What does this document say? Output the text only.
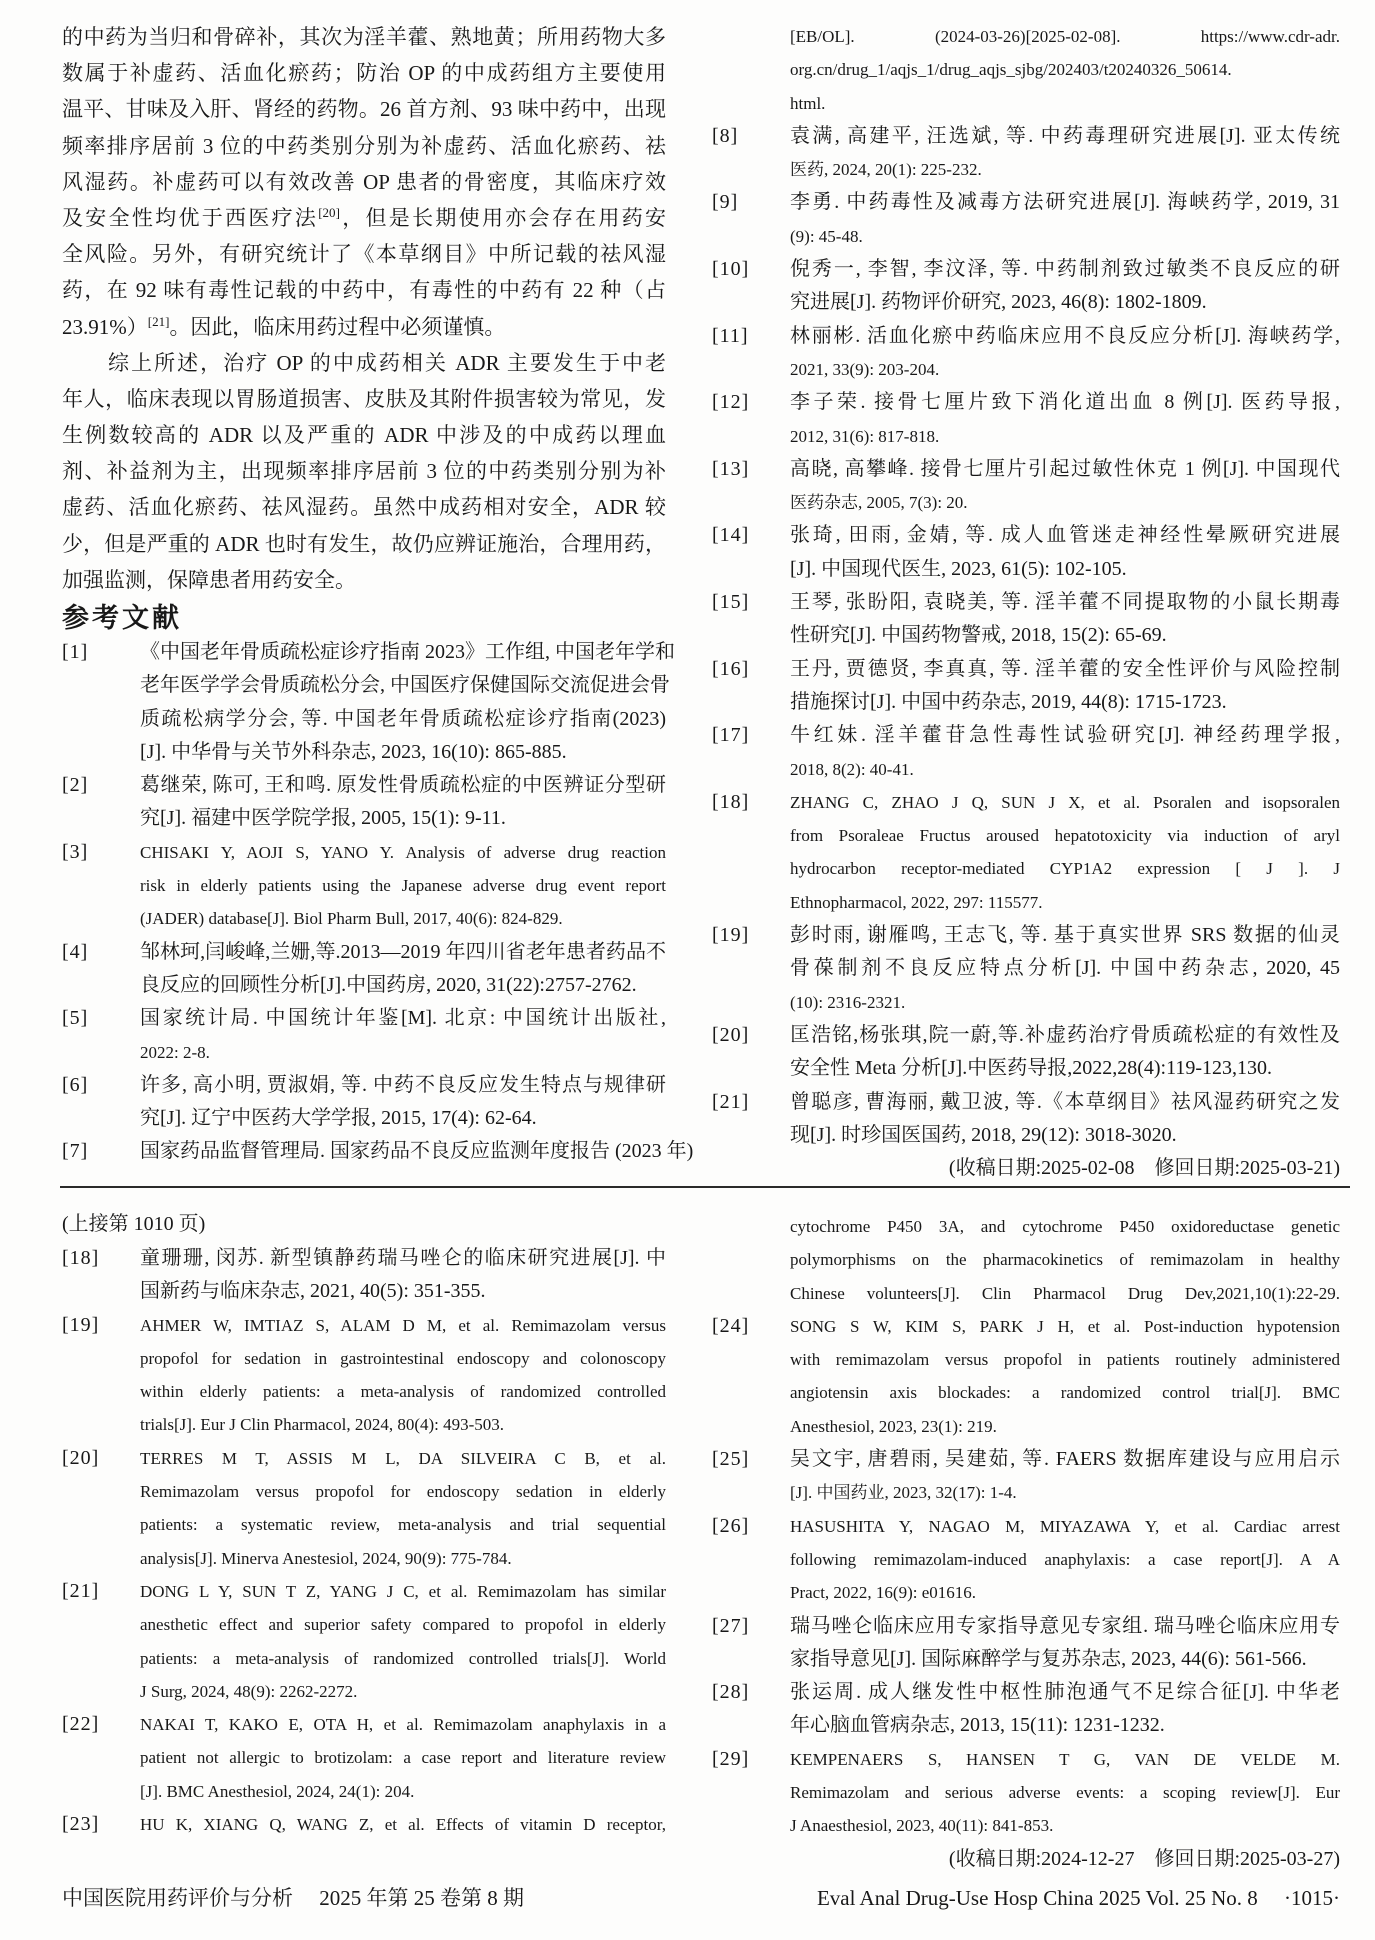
的中药为当归和骨碎补，其次为淫羊藿、熟地黄；所用药物大多
数属于补虚药、活血化瘀药；防治 OP 的中成药组方主要使用
温平、甘味及入肝、肾经的药物。26 首方剂、93 味中药中，出现
频率排序居前 3 位的中药类别分别为补虚药、活血化瘀药、祛
风湿药。补虚药可以有效改善 OP 患者的骨密度，其临床疗效
及安全性均优于西医疗法[20]，但是长期使用亦会存在用药安
全风险。另外，有研究统计了《本草纲目》中所记载的祛风湿
药，在 92 味有毒性记载的中药中，有毒性的中药有 22 种（占
23.91%）[21]。因此，临床用药过程中必须谨慎。
　　综上所述，治疗 OP 的中成药相关 ADR 主要发生于中老
年人，临床表现以胃肠道损害、皮肤及其附件损害较为常见，发
生例数较高的 ADR 以及严重的 ADR 中涉及的中成药以理血
剂、补益剂为主，出现频率排序居前 3 位的中药类别分别为补
虚药、活血化瘀药、祛风湿药。虽然中成药相对安全，ADR 较
少，但是严重的 ADR 也时有发生，故仍应辨证施治，合理用药，
加强监测，保障患者用药安全。
参考文献
[1]	《中国老年骨质疏松症诊疗指南 2023》工作组, 中国老年学和
老年医学学会骨质疏松分会, 中国医疗保健国际交流促进会骨
质疏松病学分会, 等. 中国老年骨质疏松症诊疗指南(2023)
[J]. 中华骨与关节外科杂志, 2023, 16(10): 865-885.
[2]	葛继荣, 陈可, 王和鸣. 原发性骨质疏松症的中医辨证分型研
究[J]. 福建中医学院学报, 2005, 15(1): 9-11.
[3]	CHISAKI Y, AOJI S, YANO Y. Analysis of adverse drug reaction
risk in elderly patients using the Japanese adverse drug event report
(JADER) database[J]. Biol Pharm Bull, 2017, 40(6): 824-829.
[4]	邹林珂,闫峻峰,兰姗,等.2013—2019 年四川省老年患者药品不
良反应的回顾性分析[J].中国药房, 2020, 31(22):2757-2762.
[5]	国家统计局. 中国统计年鉴[M]. 北京: 中国统计出版社,
2022: 2-8.
[6]	许多, 高小明, 贾淑娟, 等. 中药不良反应发生特点与规律研
究[J]. 辽宁中医药大学学报, 2015, 17(4): 62-64.
[7]	国家药品监督管理局. 国家药品不良反应监测年度报告 (2023 年)
[EB/OL]. (2024-03-26)[2025-02-08]. https://www.cdr-adr.
org.cn/drug_1/aqjs_1/drug_aqjs_sjbg/202403/t20240326_50614.
html.
[8]	袁满, 高建平, 汪选斌, 等. 中药毒理研究进展[J]. 亚太传统
医药, 2024, 20(1): 225-232.
[9]	李勇. 中药毒性及减毒方法研究进展[J]. 海峡药学, 2019, 31
(9): 45-48.
[10] 倪秀一, 李智, 李汶泽, 等. 中药制剂致过敏类不良反应的研
究进展[J]. 药物评价研究, 2023, 46(8): 1802-1809.
[11] 林丽彬. 活血化瘀中药临床应用不良反应分析[J]. 海峡药学,
2021, 33(9): 203-204.
[12] 李子荣. 接骨七厘片致下消化道出血 8 例[J]. 医药导报,
2012, 31(6): 817-818.
[13] 高晓, 高攀峰. 接骨七厘片引起过敏性休克 1 例[J]. 中国现代
医药杂志, 2005, 7(3): 20.
[14] 张琦, 田雨, 金婧, 等. 成人血管迷走神经性晕厥研究进展
[J]. 中国现代医生, 2023, 61(5): 102-105.
[15] 王琴, 张盼阳, 袁晓美, 等. 淫羊藿不同提取物的小鼠长期毒
性研究[J]. 中国药物警戒, 2018, 15(2): 65-69.
[16] 王丹, 贾德贤, 李真真, 等. 淫羊藿的安全性评价与风险控制
措施探讨[J]. 中国中药杂志, 2019, 44(8): 1715-1723.
[17] 牛红妹. 淫羊藿苷急性毒性试验研究[J]. 神经药理学报,
2018, 8(2): 40-41.
[18] ZHANG C, ZHAO J Q, SUN J X, et al. Psoralen and isopsoralen
from Psoraleae Fructus aroused hepatotoxicity via induction of aryl
hydrocarbon receptor-mediated CYP1A2 expression [ J ]. J
Ethnopharmacol, 2022, 297: 115577.
[19] 彭时雨, 谢雁鸣, 王志飞, 等. 基于真实世界 SRS 数据的仙灵
骨葆制剂不良反应特点分析[J]. 中国中药杂志, 2020, 45
(10): 2316-2321.
[20] 匡浩铭,杨张琪,院一蔚,等.补虚药治疗骨质疏松症的有效性及
安全性 Meta 分析[J].中医药导报,2022,28(4):119-123,130.
[21] 曾聪彦, 曹海丽, 戴卫波, 等.《本草纲目》祛风湿药研究之发
现[J]. 时珍国医国药, 2018, 29(12): 3018-3020.
(收稿日期:2025-02-08　修回日期:2025-03-21)
(上接第 1010 页)
[18] 童珊珊, 闵苏. 新型镇静药瑞马唑仑的临床研究进展[J]. 中
国新药与临床杂志, 2021, 40(5): 351-355.
[19] AHMER W, IMTIAZ S, ALAM D M, et al. Remimazolam versus
propofol for sedation in gastrointestinal endoscopy and colonoscopy
within elderly patients: a meta-analysis of randomized controlled
trials[J]. Eur J Clin Pharmacol, 2024, 80(4): 493-503.
[20] TERRES M T, ASSIS M L, DA SILVEIRA C B, et al.
Remimazolam versus propofol for endoscopy sedation in elderly
patients: a systematic review, meta-analysis and trial sequential
analysis[J]. Minerva Anestesiol, 2024, 90(9): 775-784.
[21] DONG L Y, SUN T Z, YANG J C, et al. Remimazolam has similar
anesthetic effect and superior safety compared to propofol in elderly
patients: a meta-analysis of randomized controlled trials[J]. World
J Surg, 2024, 48(9): 2262-2272.
[22] NAKAI T, KAKO E, OTA H, et al. Remimazolam anaphylaxis in a
patient not allergic to brotizolam: a case report and literature review
[J]. BMC Anesthesiol, 2024, 24(1): 204.
[23] HU K, XIANG Q, WANG Z, et al. Effects of vitamin D receptor,
cytochrome P450 3A, and cytochrome P450 oxidoreductase genetic
polymorphisms on the pharmacokinetics of remimazolam in healthy
Chinese volunteers[J]. Clin Pharmacol Drug Dev,2021,10(1):22-29.
[24] SONG S W, KIM S, PARK J H, et al. Post-induction hypotension
with remimazolam versus propofol in patients routinely administered
angiotensin axis blockades: a randomized control trial[J]. BMC
Anesthesiol, 2023, 23(1): 219.
[25] 吴文宇, 唐碧雨, 吴建茹, 等. FAERS 数据库建设与应用启示
[J]. 中国药业, 2023, 32(17): 1-4.
[26] HASUSHITA Y, NAGAO M, MIYAZAWA Y, et al. Cardiac arrest
following remimazolam-induced anaphylaxis: a case report[J]. A A
Pract, 2022, 16(9): e01616.
[27] 瑞马唑仑临床应用专家指导意见专家组. 瑞马唑仑临床应用专
家指导意见[J]. 国际麻醉学与复苏杂志, 2023, 44(6): 561-566.
[28] 张运周. 成人继发性中枢性肺泡通气不足综合征[J]. 中华老
年心脑血管病杂志, 2013, 15(11): 1231-1232.
[29] KEMPENAERS S, HANSEN T G, VAN DE VELDE M.
Remimazolam and serious adverse events: a scoping review[J]. Eur
J Anaesthesiol, 2023, 40(11): 841-853.
(收稿日期:2024-12-27　修回日期:2025-03-27)
中国医院用药评价与分析　 2025 年第 25 卷第 8 期	Eval Anal Drug-Use Hosp China 2025 Vol. 25 No. 8　 ·1015·
